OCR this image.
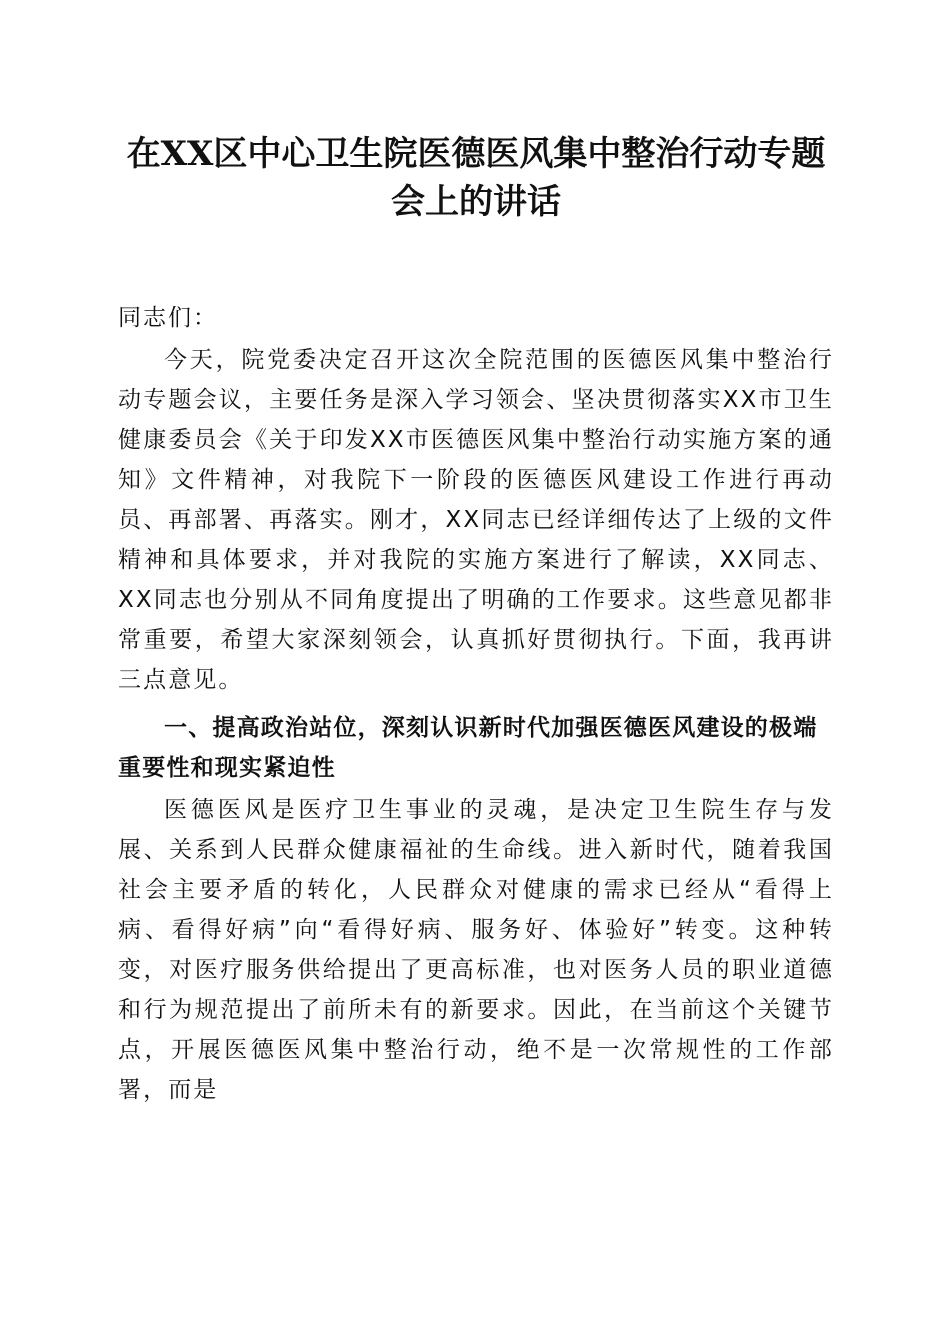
在XX区中心卫生院医德医风集中整治行动专题会上的讲话

同志们：

今天，院党委决定召开这次全院范围的医德医风集中整治行动专题会议，主要任务是深入学习领会、坚决贯彻落实XX市卫生健康委员会《关于印发XX市医德医风集中整治行动实施方案的通知》文件精神，对我院下一阶段的医德医风建设工作进行再动员、再部署、再落实。刚才，XX同志已经详细传达了上级的文件精神和具体要求，并对我院的实施方案进行了解读，XX同志、XX同志也分别从不同角度提出了明确的工作要求。这些意见都非常重要，希望大家深刻领会，认真抓好贯彻执行。下面，我再讲三点意见。

一、提高政治站位，深刻认识新时代加强医德医风建设的极端重要性和现实紧迫性

医德医风是医疗卫生事业的灵魂，是决定卫生院生存与发展、关系到人民群众健康福祉的生命线。进入新时代，随着我国社会主要矛盾的转化，人民群众对健康的需求已经从“看得上病、看得好病”向“看得好病、服务好、体验好”转变。这种转变，对医疗服务供给提出了更高标准，也对医务人员的职业道德和行为规范提出了前所未有的新要求。因此，在当前这个关键节点，开展医德医风集中整治行动，绝不是一次常规性的工作部署，而是
